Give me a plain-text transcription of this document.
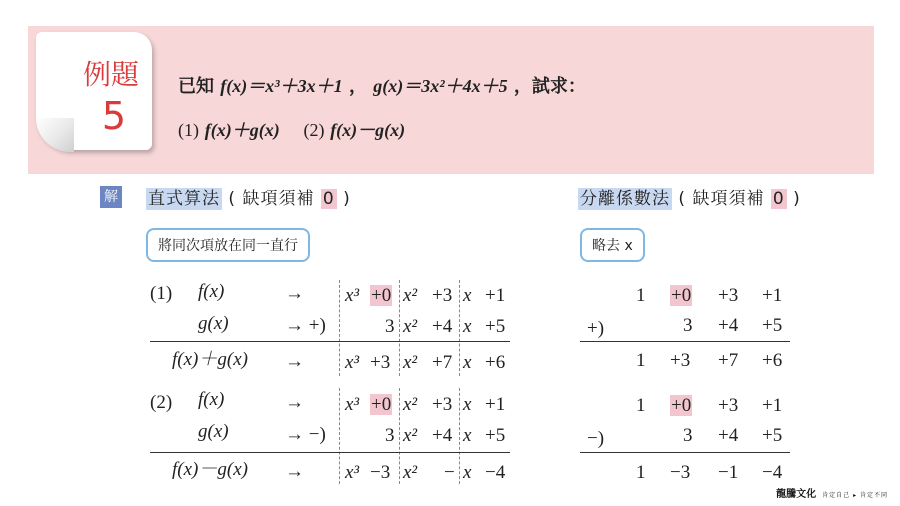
例題
5
已知 f(x)＝x³＋3x＋1 ， g(x)＝3x²＋4x＋5 ，試求：
(1) f(x)＋g(x) (2) f(x)－g(x)
解 直式算法 ( 缺項須補 0 )	分離係數法 ( 缺項須補 0 )
將同次項放在同一直行	略去 x
(1) f(x)	→ x³ +0 x² +3 x +1
g(x)	→ +)	3 x² +4 x +5
f(x)＋g(x) → x³ +3 x² +7 x +6
(2) f(x)	→ x³ +0 x² +3 x +1
g(x)	→ −)	3 x² +4 x +5
f(x)－g(x) → x³ −3 x² − x −4
1 +0 +3 +1
+)	3 +4 +5
1 +3 +7 +6
1 +0 +3 +1
−)	3 +4 +5
1 −3 −1 −4
龍騰文化 肯定自己 ▸ 肯定不同
